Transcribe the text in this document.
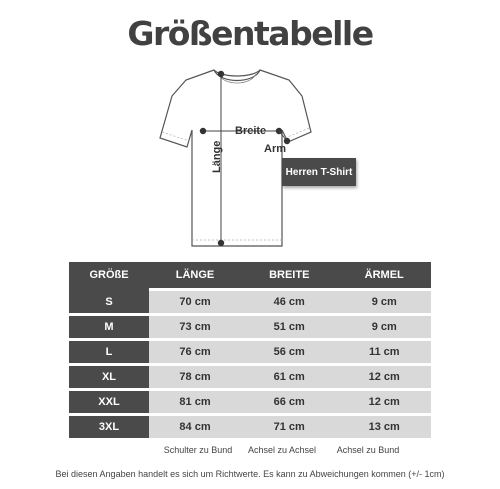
Größentabelle
Breite
Arm
Länge	Herren T-Shirt
GRÖßE	LÄNGE	BREITE	ÄRMEL

S	70 cm	46 cm	9 cm

M	73 cm	51 cm	9 cm

L	76 cm	56 cm	11 cm

XL	78 cm	61 cm	12 cm

XXL	81 cm	66 cm	12 cm

3XL	84 cm	71 cm	13 cm
Schulter zu Bund	Achsel zu Achsel	Achsel zu Bund
Bei diesen Angaben handelt es sich um Richtwerte. Es kann zu Abweichungen kommen (+/- 1cm)
